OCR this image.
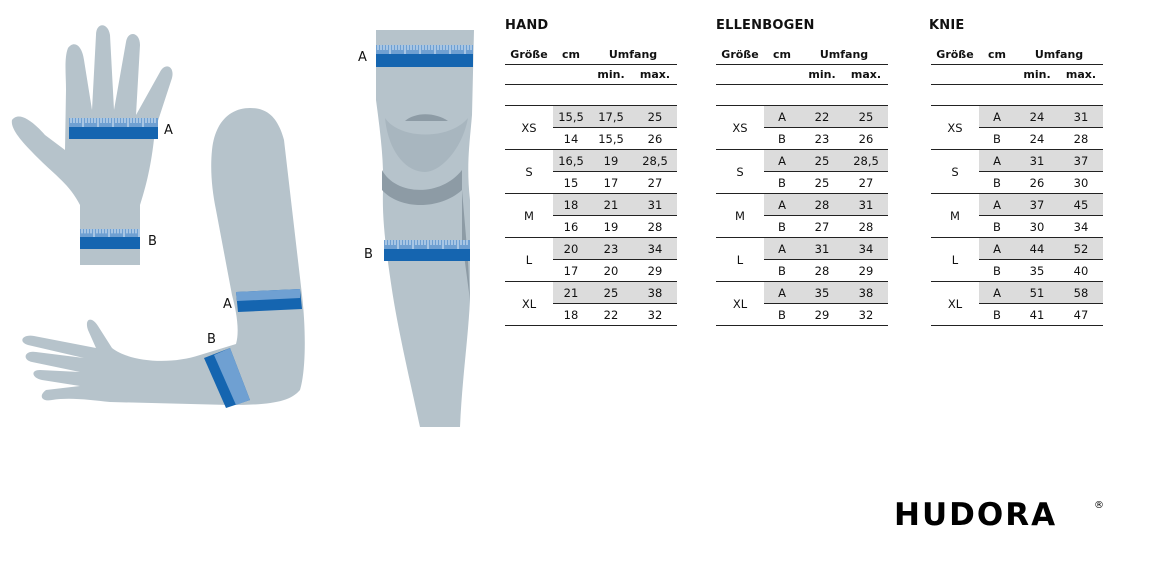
A
B
A
B
A
B
HAND	ELLENBOGEN	KNIE
Größe	cm	Umfang	
		min.	max.

XS	15,5	17,5	25
	14	15,5	26
S	16,5	19	28,5
	15	17	27
M	18	21	31
	16	19	28
L	20	23	34
	17	20	29
XL	21	25	38
	18	22	32
Größe	cm	Umfang	
		min.	max.

XS	A	22	25
	B	23	26
S	A	25	28,5
	B	25	27
M	A	28	31
	B	27	28
L	A	31	34
	B	28	29
XL	A	35	38
	B	29	32
Größe	cm	Umfang	
		min.	max.

XS	A	24	31
	B	24	28
S	A	31	37
	B	26	30
M	A	37	45
	B	30	34
L	A	44	52
	B	35	40
XL	A	51	58
	B	41	47
HUDORA	®
